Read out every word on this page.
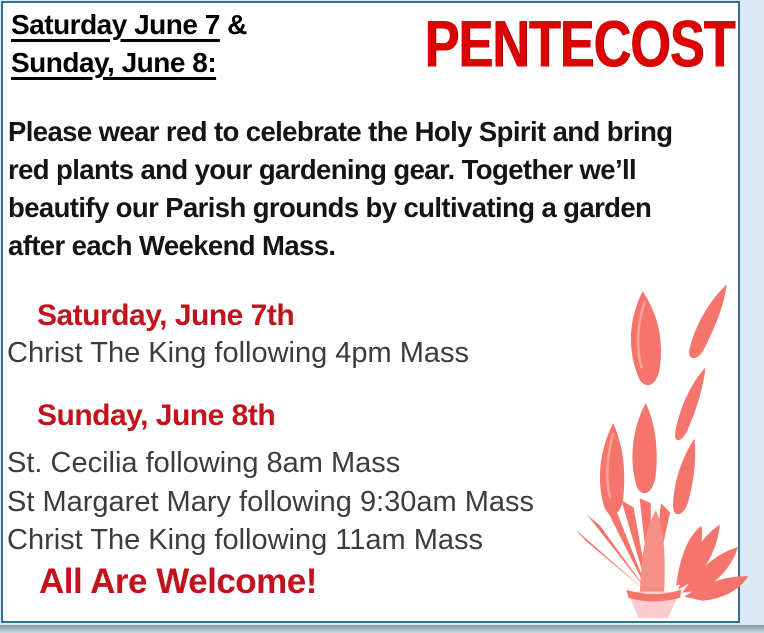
Saturday June 7 &
Sunday, June 8:	PENTECOST

Please wear red to celebrate the Holy Spirit and bring red plants and your gardening gear. Together we’ll beautify our Parish grounds by cultivating a garden after each Weekend Mass.

Saturday, June 7th
Christ The King following 4pm Mass
Sunday, June 8th
St. Cecilia following 8am Mass
St Margaret Mary following 9:30am Mass
Christ The King following 11am Mass
All Are Welcome!
